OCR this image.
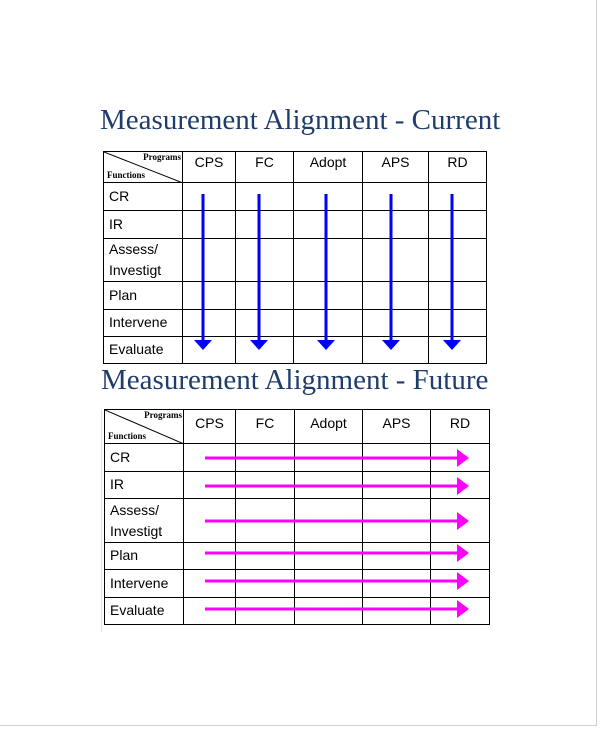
Measurement Alignment - Current
Programs
Functions	CPS	FC	Adopt	APS	RD
CR					
IR					
Assess/
Investigt					
Plan					
Intervene					
Evaluate					
Measurement Alignment - Future
Programs
Functions	CPS	FC	Adopt	APS	RD
CR					
IR					
Assess/
Investigt					
Plan					
Intervene					
Evaluate					
